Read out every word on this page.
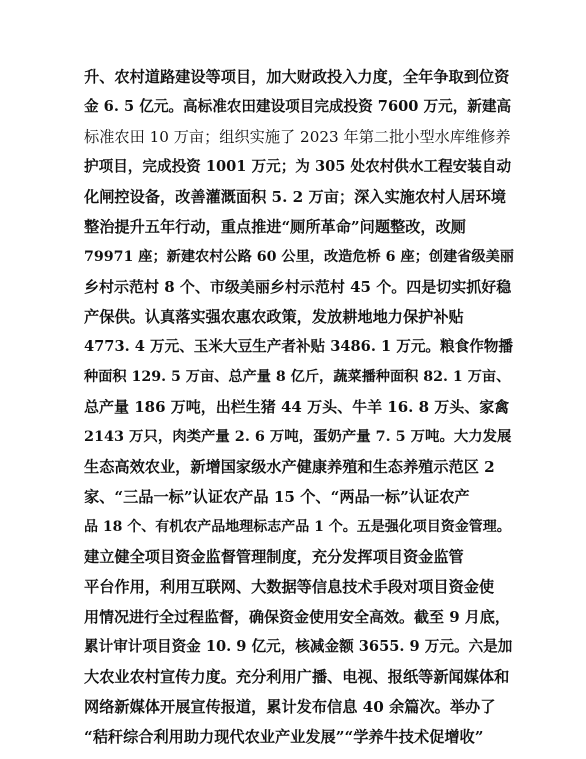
升、农村道路建设等项目，加大财政投入力度，全年争取到位资
金 6. 5 亿元。高标准农田建设项目完成投资 7600 万元，新建高
标准农田 10 万亩；组织实施了 2023 年第二批小型水库维修养
护项目，完成投资 1001 万元；为 305 处农村供水工程安装自动
化闸控设备，改善灌溉面积 5. 2 万亩；深入实施农村人居环境
整治提升五年行动，重点推进“厕所革命”问题整改，改厕
79971 座；新建农村公路 60 公里，改造危桥 6 座；创建省级美丽
乡村示范村 8 个、市级美丽乡村示范村 45 个。四是切实抓好稳
产保供。认真落实强农惠农政策，发放耕地地力保护补贴
4773. 4 万元、玉米大豆生产者补贴 3486. 1 万元。粮食作物播
种面积 129. 5 万亩、总产量 8 亿斤，蔬菜播种面积 82. 1 万亩、
总产量 186 万吨，出栏生猪 44 万头、牛羊 16. 8 万头、家禽
2143 万只，肉类产量 2. 6 万吨，蛋奶产量 7. 5 万吨。大力发展
生态高效农业，新增国家级水产健康养殖和生态养殖示范区 2
家、“三品一标”认证农产品 15 个、“两品一标”认证农产
品 18 个、有机农产品地理标志产品 1 个。五是强化项目资金管理。
建立健全项目资金监督管理制度，充分发挥项目资金监管
平台作用，利用互联网、大数据等信息技术手段对项目资金使
用情况进行全过程监督，确保资金使用安全高效。截至 9 月底，
累计审计项目资金 10. 9 亿元，核减金额 3655. 9 万元。六是加
大农业农村宣传力度。充分利用广播、电视、报纸等新闻媒体和
网络新媒体开展宣传报道，累计发布信息 40 余篇次。举办了
“秸秆综合利用助力现代农业产业发展”“学养牛技术促增收”
